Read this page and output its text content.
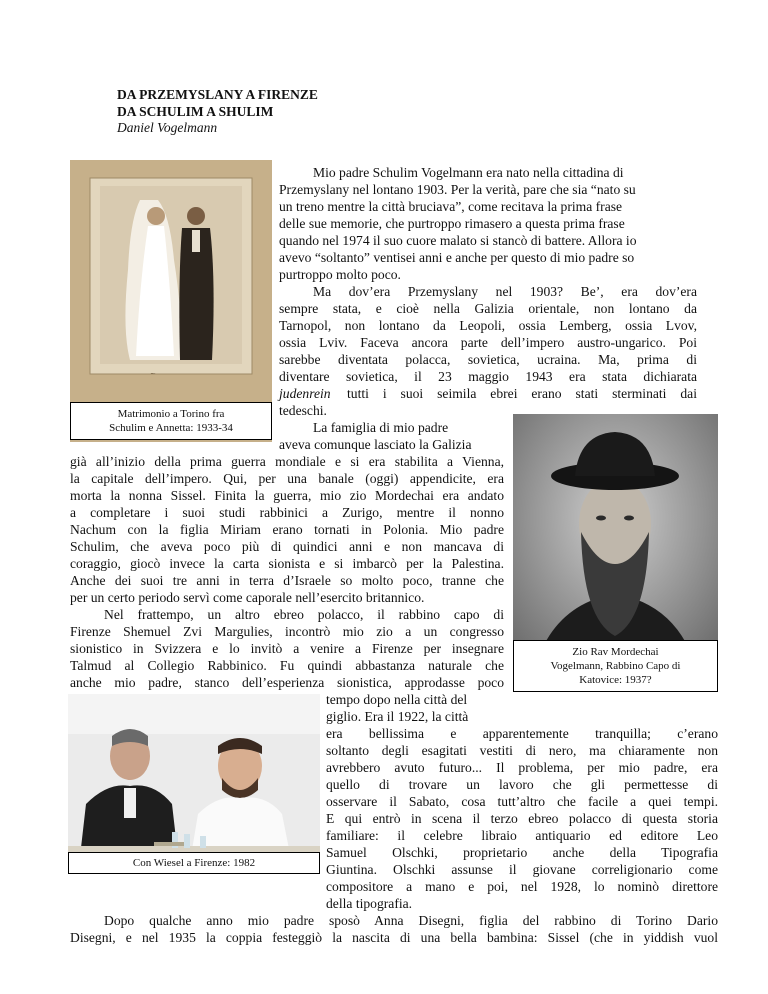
DA PRZEMYSLANY A FIRENZE
DA SCHULIM A SHULIM
Daniel Vogelmann
~
Matrimonio a Torino fra
Schulim e Annetta: 1933-34
Zio Rav Mordechai
Vogelmann, Rabbino Capo di
Katovice: 1937?
Con Wiesel a Firenze: 1982
Mio padre Schulim Vogelmann era nato nella cittadina di
Przemyslany nel lontano 1903. Per la verità, pare che sia “nato su
un treno mentre la città bruciava”, come recitava la prima frase
delle sue memorie, che purtroppo rimasero a questa prima frase
quando nel 1974 il suo cuore malato si stancò di battere. Allora io
avevo “soltanto” ventisei anni e anche per questo di mio padre so
purtroppo molto poco.
Ma dov’era Przemyslany nel 1903? Be’, era dov’era
sempre stata, e cioè nella Galizia orientale, non lontano da
Tarnopol, non lontano da Leopoli, ossia Lemberg, ossia Lvov,
ossia Lviv. Faceva ancora parte dell’impero austro-ungarico. Poi
sarebbe diventata polacca, sovietica, ucraina. Ma, prima di
diventare sovietica, il 23 maggio 1943 era stata dichiarata
judenrein tutti i suoi seimila ebrei erano stati sterminati dai
tedeschi.
La famiglia di mio padre
aveva comunque lasciato la Galizia
già all’inizio della prima guerra mondiale e si era stabilita a Vienna,
la capitale dell’impero. Qui, per una banale (oggi) appendicite, era
morta la nonna Sissel. Finita la guerra, mio zio Mordechai era andato
a completare i suoi studi rabbinici a Zurigo, mentre il nonno
Nachum con la figlia Miriam erano tornati in Polonia. Mio padre
Schulim, che aveva poco più di quindici anni e non mancava di
coraggio, giocò invece la carta sionista e si imbarcò per la Palestina.
Anche dei suoi tre anni in terra d’Israele so molto poco, tranne che
per un certo periodo servì come caporale nell’esercito britannico.
Nel frattempo, un altro ebreo polacco, il rabbino capo di
Firenze Shemuel Zvi Margulies, incontrò mio zio a un congresso
sionistico in Svizzera e lo invitò a venire a Firenze per insegnare
Talmud al Collegio Rabbinico. Fu quindi abbastanza naturale che
anche mio padre, stanco dell’esperienza sionistica, approdasse poco
tempo dopo nella città del
giglio. Era il 1922, la città
era bellissima e apparentemente tranquilla; c’erano
soltanto degli esagitati vestiti di nero, ma chiaramente non
avrebbero avuto futuro... Il problema, per mio padre, era
quello di trovare un lavoro che gli permettesse di
osservare il Sabato, cosa tutt’altro che facile a quei tempi.
E qui entrò in scena il terzo ebreo polacco di questa storia
familiare: il celebre libraio antiquario ed editore Leo
Samuel Olschki, proprietario anche della Tipografia
Giuntina. Olschki assunse il giovane correligionario come
compositore a mano e poi, nel 1928, lo nominò direttore
della tipografia.
Dopo qualche anno mio padre sposò Anna Disegni, figlia del rabbino di Torino Dario
Disegni, e nel 1935 la coppia festeggiò la nascita di una bella bambina: Sissel (che in yiddish vuol
